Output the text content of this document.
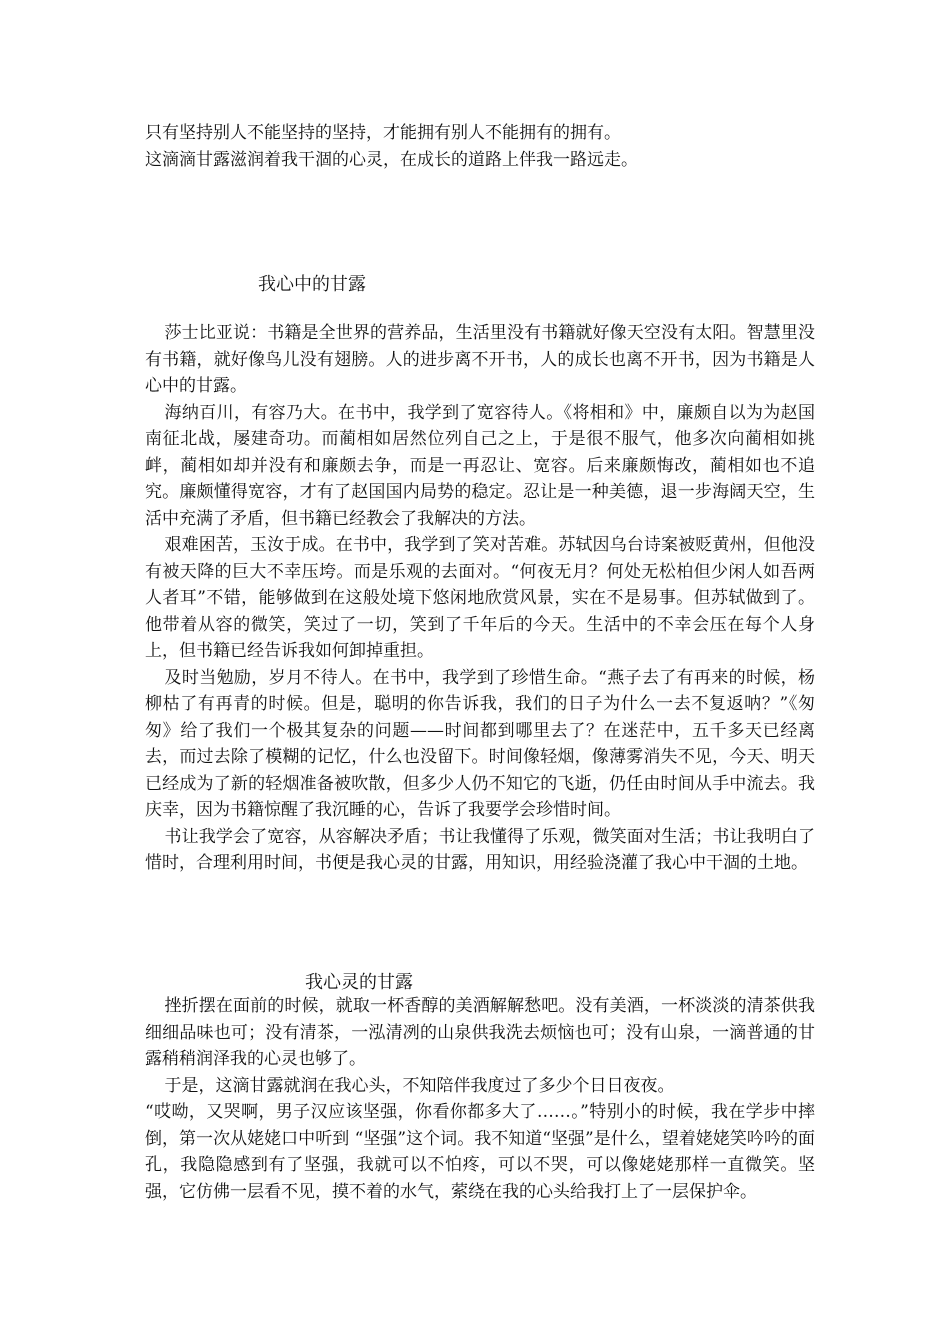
只有坚持别人不能坚持的坚持，才能拥有别人不能拥有的拥有。

这滴滴甘露滋润着我干涸的心灵，在成长的道路上伴我一路远走。

我心中的甘露

莎士比亚说：书籍是全世界的营养品，生活里没有书籍就好像天空没有太阳。智慧里没有书籍，就好像鸟儿没有翅膀。人的进步离不开书，人的成长也离不开书，因为书籍是人心中的甘露。

海纳百川，有容乃大。在书中，我学到了宽容待人。《将相和》中，廉颇自以为为赵国南征北战，屡建奇功。而蔺相如居然位列自己之上，于是很不服气，他多次向蔺相如挑衅，蔺相如却并没有和廉颇去争，而是一再忍让、宽容。后来廉颇悔改，蔺相如也不追究。廉颇懂得宽容，才有了赵国国内局势的稳定。忍让是一种美德，退一步海阔天空，生活中充满了矛盾，但书籍已经教会了我解决的方法。

艰难困苦，玉汝于成。在书中，我学到了笑对苦难。苏轼因乌台诗案被贬黄州，但他没有被天降的巨大不幸压垮。而是乐观的去面对。“何夜无月？何处无松柏但少闲人如吾两人者耳”不错，能够做到在这般处境下悠闲地欣赏风景，实在不是易事。但苏轼做到了。他带着从容的微笑，笑过了一切，笑到了千年后的今天。生活中的不幸会压在每个人身上，但书籍已经告诉我如何卸掉重担。

及时当勉励，岁月不待人。在书中，我学到了珍惜生命。“燕子去了有再来的时候，杨柳枯了有再青的时候。但是，聪明的你告诉我，我们的日子为什么一去不复返呐？”《匆匆》给了我们一个极其复杂的问题——时间都到哪里去了？在迷茫中，五千多天已经离去，而过去除了模糊的记忆，什么也没留下。时间像轻烟，像薄雾消失不见，今天、明天已经成为了新的轻烟准备被吹散，但多少人仍不知它的飞逝，仍任由时间从手中流去。我庆幸，因为书籍惊醒了我沉睡的心，告诉了我要学会珍惜时间。

书让我学会了宽容，从容解决矛盾；书让我懂得了乐观，微笑面对生活；书让我明白了惜时，合理利用时间，书便是我心灵的甘露，用知识，用经验浇灌了我心中干涸的土地。

我心灵的甘露

挫折摆在面前的时候，就取一杯香醇的美酒解解愁吧。没有美酒，一杯淡淡的清茶供我细细品味也可；没有清茶，一泓清冽的山泉供我洗去烦恼也可；没有山泉，一滴普通的甘露稍稍润泽我的心灵也够了。

于是，这滴甘露就润在我心头，不知陪伴我度过了多少个日日夜夜。

“哎呦，又哭啊，男子汉应该坚强，你看你都多大了……。”特别小的时候，我在学步中摔倒，第一次从姥姥口中听到 “坚强”这个词。我不知道“坚强”是什么，望着姥姥笑吟吟的面孔，我隐隐感到有了坚强，我就可以不怕疼，可以不哭，可以像姥姥那样一直微笑。坚强，它仿佛一层看不见，摸不着的水气，萦绕在我的心头给我打上了一层保护伞。
